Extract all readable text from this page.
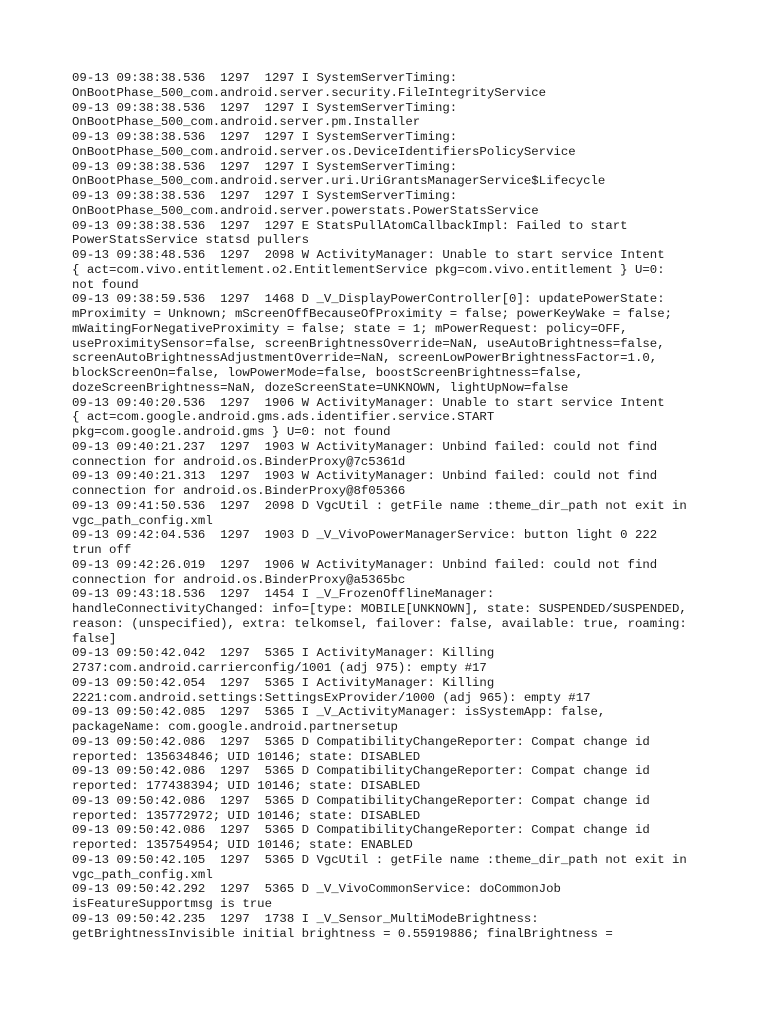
09-13 09:38:38.536  1297  1297 I SystemServerTiming:
OnBootPhase_500_com.android.server.security.FileIntegrityService
09-13 09:38:38.536  1297  1297 I SystemServerTiming:
OnBootPhase_500_com.android.server.pm.Installer
09-13 09:38:38.536  1297  1297 I SystemServerTiming:
OnBootPhase_500_com.android.server.os.DeviceIdentifiersPolicyService
09-13 09:38:38.536  1297  1297 I SystemServerTiming:
OnBootPhase_500_com.android.server.uri.UriGrantsManagerService$Lifecycle
09-13 09:38:38.536  1297  1297 I SystemServerTiming:
OnBootPhase_500_com.android.server.powerstats.PowerStatsService
09-13 09:38:38.536  1297  1297 E StatsPullAtomCallbackImpl: Failed to start
PowerStatsService statsd pullers
09-13 09:38:48.536  1297  2098 W ActivityManager: Unable to start service Intent
{ act=com.vivo.entitlement.o2.EntitlementService pkg=com.vivo.entitlement } U=0:
not found
09-13 09:38:59.536  1297  1468 D _V_DisplayPowerController[0]: updatePowerState:
mProximity = Unknown; mScreenOffBecauseOfProximity = false; powerKeyWake = false;
mWaitingForNegativeProximity = false; state = 1; mPowerRequest: policy=OFF,
useProximitySensor=false, screenBrightnessOverride=NaN, useAutoBrightness=false,
screenAutoBrightnessAdjustmentOverride=NaN, screenLowPowerBrightnessFactor=1.0,
blockScreenOn=false, lowPowerMode=false, boostScreenBrightness=false,
dozeScreenBrightness=NaN, dozeScreenState=UNKNOWN, lightUpNow=false
09-13 09:40:20.536  1297  1906 W ActivityManager: Unable to start service Intent
{ act=com.google.android.gms.ads.identifier.service.START
pkg=com.google.android.gms } U=0: not found
09-13 09:40:21.237  1297  1903 W ActivityManager: Unbind failed: could not find
connection for android.os.BinderProxy@7c5361d
09-13 09:40:21.313  1297  1903 W ActivityManager: Unbind failed: could not find
connection for android.os.BinderProxy@8f05366
09-13 09:41:50.536  1297  2098 D VgcUtil : getFile name :theme_dir_path not exit in
vgc_path_config.xml
09-13 09:42:04.536  1297  1903 D _V_VivoPowerManagerService: button light 0 222
trun off
09-13 09:42:26.019  1297  1906 W ActivityManager: Unbind failed: could not find
connection for android.os.BinderProxy@a5365bc
09-13 09:43:18.536  1297  1454 I _V_FrozenOfflineManager:
handleConnectivityChanged: info=[type: MOBILE[UNKNOWN], state: SUSPENDED/SUSPENDED,
reason: (unspecified), extra: telkomsel, failover: false, available: true, roaming:
false]
09-13 09:50:42.042  1297  5365 I ActivityManager: Killing
2737:com.android.carrierconfig/1001 (adj 975): empty #17
09-13 09:50:42.054  1297  5365 I ActivityManager: Killing
2221:com.android.settings:SettingsExProvider/1000 (adj 965): empty #17
09-13 09:50:42.085  1297  5365 I _V_ActivityManager: isSystemApp: false,
packageName: com.google.android.partnersetup
09-13 09:50:42.086  1297  5365 D CompatibilityChangeReporter: Compat change id
reported: 135634846; UID 10146; state: DISABLED
09-13 09:50:42.086  1297  5365 D CompatibilityChangeReporter: Compat change id
reported: 177438394; UID 10146; state: DISABLED
09-13 09:50:42.086  1297  5365 D CompatibilityChangeReporter: Compat change id
reported: 135772972; UID 10146; state: DISABLED
09-13 09:50:42.086  1297  5365 D CompatibilityChangeReporter: Compat change id
reported: 135754954; UID 10146; state: ENABLED
09-13 09:50:42.105  1297  5365 D VgcUtil : getFile name :theme_dir_path not exit in
vgc_path_config.xml
09-13 09:50:42.292  1297  5365 D _V_VivoCommonService: doCommonJob
isFeatureSupportmsg is true
09-13 09:50:42.235  1297  1738 I _V_Sensor_MultiModeBrightness:
getBrightnessInvisible initial brightness = 0.55919886; finalBrightness =
